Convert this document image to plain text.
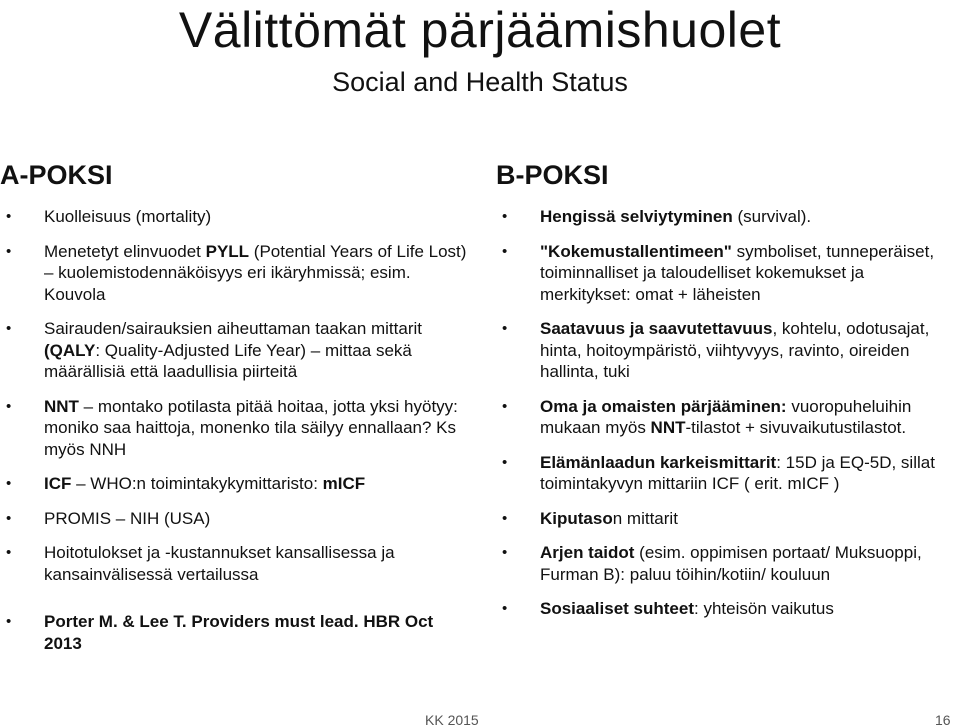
Välittömät pärjäämishuolet
Social and Health Status
A-POKSI
• Kuolleisuus (mortality)
• Menetetyt elinvuodet PYLL (Potential Years of Life Lost) – kuolemistodennäköisyys eri ikäryhmissä; esim. Kouvola
• Sairauden/sairauksien aiheuttaman taakan mittarit (QALY: Quality-Adjusted Life Year) – mittaa sekä määrällisiä että laadullisia piirteitä
• NNT – montako potilasta pitää hoitaa, jotta yksi hyötyy: moniko saa haittoja, monenko tila säilyy ennallaan? Ks myös NNH
• ICF – WHO:n toimintakykymittaristo: mICF
• PROMIS – NIH (USA)
• Hoitotulokset ja -kustannukset kansallisessa ja kansainvälisessä vertailussa
• Porter M. & Lee T. Providers must lead. HBR Oct 2013
B-POKSI
• Hengissä selviytyminen (survival).
• "Kokemustallentimeen" symboliset, tunneperäiset, toiminnalliset ja taloudelliset kokemukset ja merkitykset: omat + läheisten
• Saatavuus ja saavutettavuus, kohtelu, odotusajat, hinta, hoitoympäristö, viihtyvyys, ravinto, oireiden hallinta, tuki
• Oma ja omaisten pärjääminen: vuoropuheluihin mukaan myös NNT-tilastot + sivuvaikutustilastot.
• Elämänlaadun karkeismittarit: 15D ja EQ-5D, sillat toimintakyvyn mittariin ICF ( erit. mICF )
• Kiputason mittarit
• Arjen taidot (esim. oppimisen portaat/ Muksuoppi, Furman B): paluu töihin/kotiin/ kouluun
• Sosiaaliset suhteet: yhteisön vaikutus
KK 2015	16
